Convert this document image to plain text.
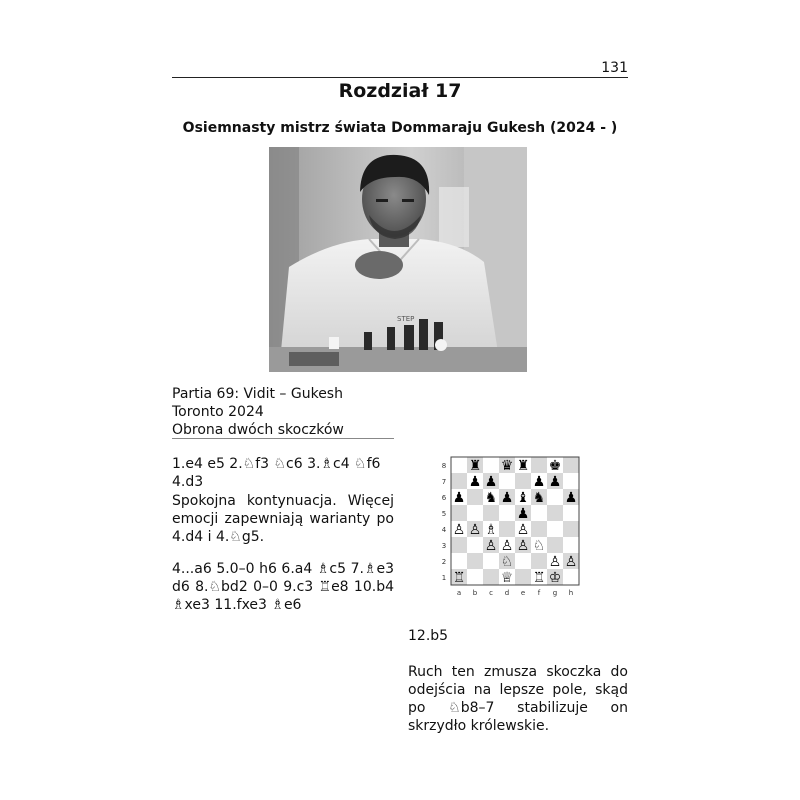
131
Rozdział 17
Osiemnasty mistrz świata Dommaraju Gukesh (2024 - )
STEP
Partia 69: Vidit – Gukesh
Toronto 2024
Obrona dwóch skoczków
1.e4 e5 2.♘f3 ♘c6 3.♗c4 ♘f6 4.d3
Spokojna kontynuacja. Więcej emocji zapewniają warianty po 4.d4 i 4.♘g5.
4...a6 5.0–0 h6 6.a4 ♗c5 7.♗e3 d6 8.♘bd2 0–0 9.c3 ♖e8 10.b4 ♗xe3 11.fxe3 ♗e6
8
7
6
5
4
3
2
1
a b c d e f g h
♜ ♛ ♜ ♚
♟ ♟	♟ ♟
♟ ♞ ♟ ♝ ♞ ♟
♟
♙ ♙ ♗ ♙
♙ ♙ ♙ ♘
♙ ♙
♖
♘
♕ ♖ ♔
12.b5
Ruch ten zmusza skoczka do odejścia na lepsze pole, skąd po ♘b8–7 stabilizuje on skrzydło królewskie.
